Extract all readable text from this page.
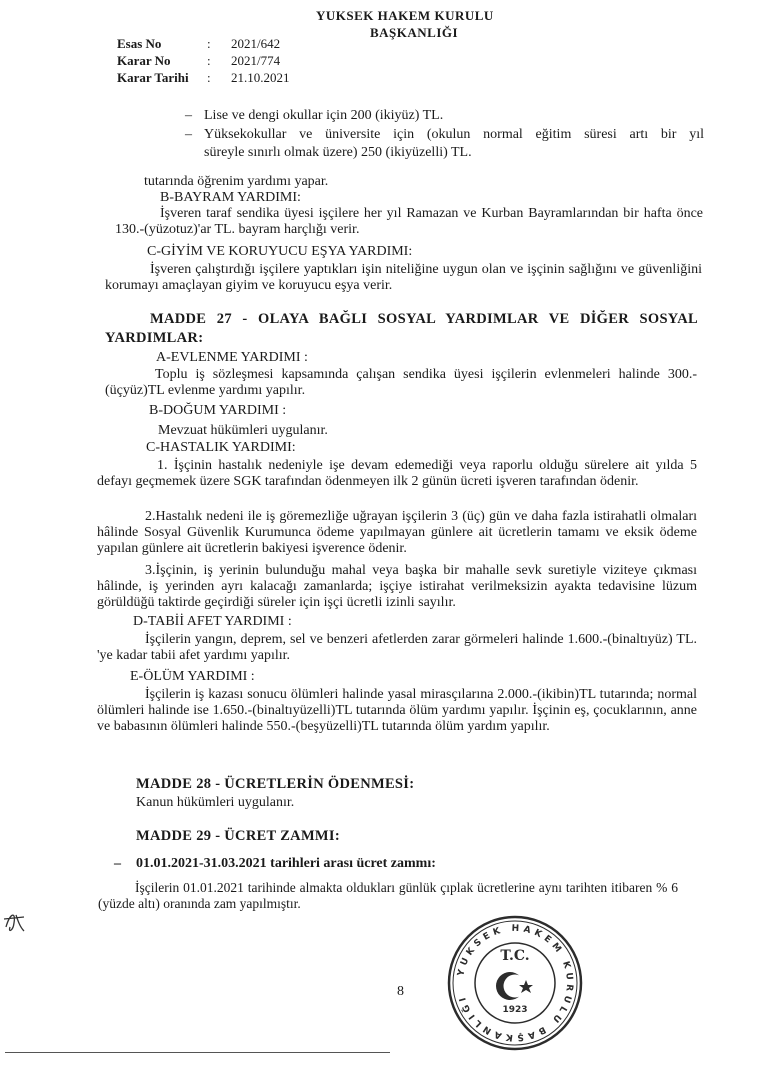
YUKSEK HAKEM KURULU
BAŞKANLIĞI
Esas No	: 2021/642
Karar No	: 2021/774
Karar Tarihi : 21.10.2021
– Lise ve dengi okullar için 200 (ikiyüz) TL.
– Yüksekokullar ve üniversite için (okulun normal eğitim süresi artı bir yıl
süreyle sınırlı olmak üzere) 250 (ikiyüzelli) TL.
tutarında öğrenim yardımı yapar.
B-BAYRAM YARDIMI:
İşveren taraf sendika üyesi işçilere her yıl Ramazan ve Kurban Bayramlarından bir hafta önce 130.-(yüzotuz)'ar TL. bayram harçlığı verir.
C-GİYİM VE KORUYUCU EŞYA YARDIMI:
İşveren çalıştırdığı işçilere yaptıkları işin niteliğine uygun olan ve işçinin sağlığını ve güvenliğini korumayı amaçlayan giyim ve koruyucu eşya verir.
MADDE 27 - OLAYA BAĞLI SOSYAL YARDIMLAR VE DİĞER SOSYAL
YARDIMLAR:
A-EVLENME YARDIMI :
Toplu iş sözleşmesi kapsamında çalışan sendika üyesi işçilerin evlenmeleri halinde 300.-(üçyüz)TL evlenme yardımı yapılır.
B-DOĞUM YARDIMI :
Mevzuat hükümleri uygulanır.
C-HASTALIK YARDIMI:
1. İşçinin hastalık nedeniyle işe devam edemediği veya raporlu olduğu sürelere ait yılda 5 defayı geçmemek üzere SGK tarafından ödenmeyen ilk 2 günün ücreti işveren tarafından ödenir.
2.Hastalık nedeni ile iş göremezliğe uğrayan işçilerin 3 (üç) gün ve daha fazla istirahatli olmaları hâlinde Sosyal Güvenlik Kurumunca ödeme yapılmayan günlere ait ücretlerin tamamı ve eksik ödeme yapılan günlere ait ücretlerin bakiyesi işverence ödenir.
3.İşçinin, iş yerinin bulunduğu mahal veya başka bir mahalle sevk suretiyle viziteye çıkması hâlinde, iş yerinden ayrı kalacağı zamanlarda; işçiye istirahat verilmeksizin ayakta tedavisine lüzum görüldüğü taktirde geçirdiği süreler için işçi ücretli izinli sayılır.
D-TABİİ AFET YARDIMI :
İşçilerin yangın, deprem, sel ve benzeri afetlerden zarar görmeleri halinde 1.600.-(binaltıyüz) TL. 'ye kadar tabii afet yardımı yapılır.
E-ÖLÜM YARDIMI :
İşçilerin iş kazası sonucu ölümleri halinde yasal mirasçılarına 2.000.-(ikibin)TL tutarında; normal ölümleri halinde ise 1.650.-(binaltıyüzelli)TL tutarında ölüm yardımı yapılır. İşçinin eş, çocuklarının, anne ve babasının ölümleri halinde 550.-(beşyüzelli)TL tutarında ölüm yardım yapılır.
MADDE 28 - ÜCRETLERİN ÖDENMESİ:
Kanun hükümleri uygulanır.
MADDE 29 - ÜCRET ZAMMI:
– 01.01.2021-31.03.2021 tarihleri arası ücret zammı:
İşçilerin 01.01.2021 tarihinde almakta oldukları günlük çıplak ücretlerine aynı tarihten itibaren % 6 (yüzde altı) oranında zam yapılmıştır.
YUKSEK HAKEM KURULU BAŞKANLIĞI
T.C.
1923
8
